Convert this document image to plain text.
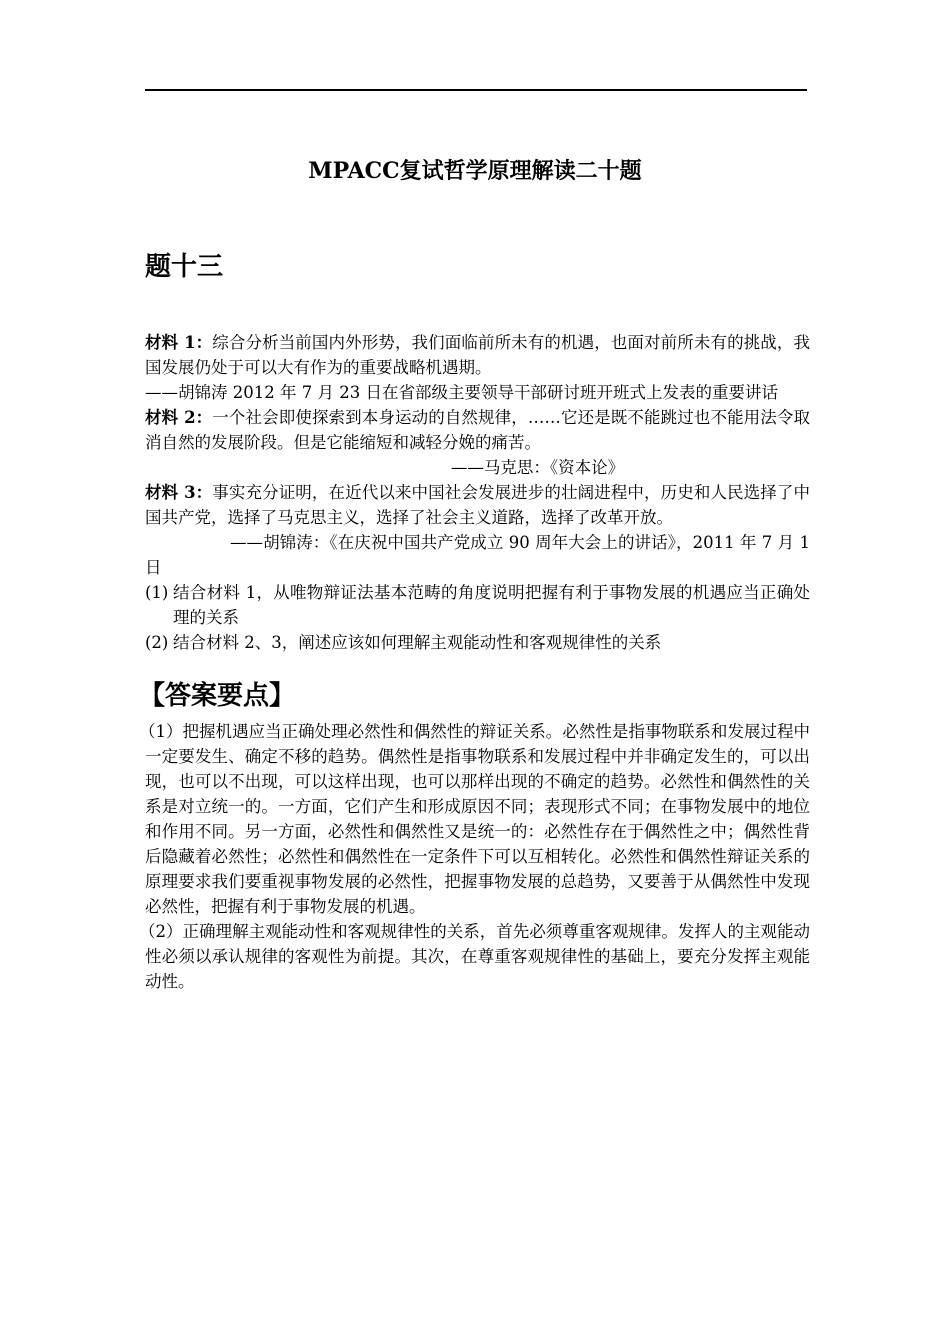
MPACC复试哲学原理解读二十题
题十三

材料 1：综合分析当前国内外形势，我们面临前所未有的机遇，也面对前所未有的挑战，我国发展仍处于可以大有作为的重要战略机遇期。

——胡锦涛 2012 年 7 月 23 日在省部级主要领导干部研讨班开班式上发表的重要讲话

材料 2：一个社会即使探索到本身运动的自然规律，……它还是既不能跳过也不能用法令取消自然的发展阶段。但是它能缩短和减轻分娩的痛苦。

——马克思：《资本论》

材料 3：事实充分证明，在近代以来中国社会发展进步的壮阔进程中，历史和人民选择了中国共产党，选择了马克思主义，选择了社会主义道路，选择了改革开放。

——胡锦涛：《在庆祝中国共产党成立 90 周年大会上的讲话》，2011 年 7 月 1 日

(1) 结合材料 1，从唯物辩证法基本范畴的角度说明把握有利于事物发展的机遇应当正确处理的关系
(2) 结合材料 2、3，阐述应该如何理解主观能动性和客观规律性的关系
【答案要点】

（1）把握机遇应当正确处理必然性和偶然性的辩证关系。必然性是指事物联系和发展过程中一定要发生、确定不移的趋势。偶然性是指事物联系和发展过程中并非确定发生的，可以出现，也可以不出现，可以这样出现，也可以那样出现的不确定的趋势。必然性和偶然性的关系是对立统一的。一方面，它们产生和形成原因不同；表现形式不同；在事物发展中的地位和作用不同。另一方面，必然性和偶然性又是统一的：必然性存在于偶然性之中；偶然性背后隐藏着必然性；必然性和偶然性在一定条件下可以互相转化。必然性和偶然性辩证关系的原理要求我们要重视事物发展的必然性，把握事物发展的总趋势，又要善于从偶然性中发现必然性，把握有利于事物发展的机遇。

（2）正确理解主观能动性和客观规律性的关系，首先必须尊重客观规律。发挥人的主观能动性必须以承认规律的客观性为前提。其次，在尊重客观规律性的基础上，要充分发挥主观能动性。
